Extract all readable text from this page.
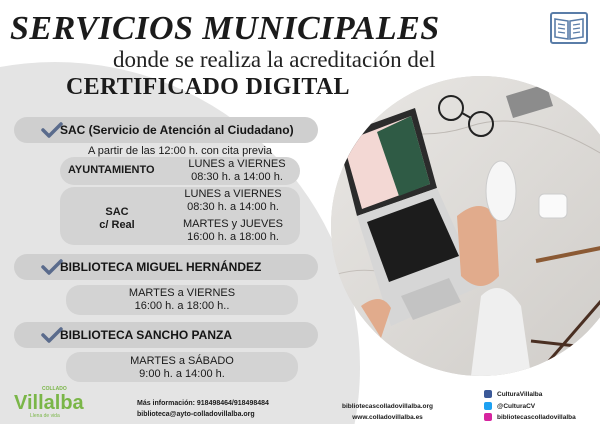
SERVICIOS MUNICIPALES
donde se realiza la acreditación del
CERTIFICADO DIGITAL
SAC (Servicio de Atención al Ciudadano)
A partir de las 12:00 h. con cita previa
AYUNTAMIENTO	LUNES a VIERNES
08:30 h. a 14:00 h.
SAC
c/ Real
LUNES a VIERNES
08:30 h. a 14:00 h.
MARTES y JUEVES
16:00 h. a 18:00 h.
BIBLIOTECA MIGUEL HERNÁNDEZ
MARTES a VIERNES
16:00 h. a 18:00 h..
BIBLIOTECA SANCHO PANZA
MARTES a SÁBADO
9:00 h. a 14:00 h.
COLLADO
Villalba
Llena de vida
Más información: 918498464/918498484
biblioteca@ayto-colladovillalba.org
bibliotecascolladovillalba.org
www.colladovillalba.es
CulturaVillalba
@CulturaCV
bibliotecascolladovillalba
